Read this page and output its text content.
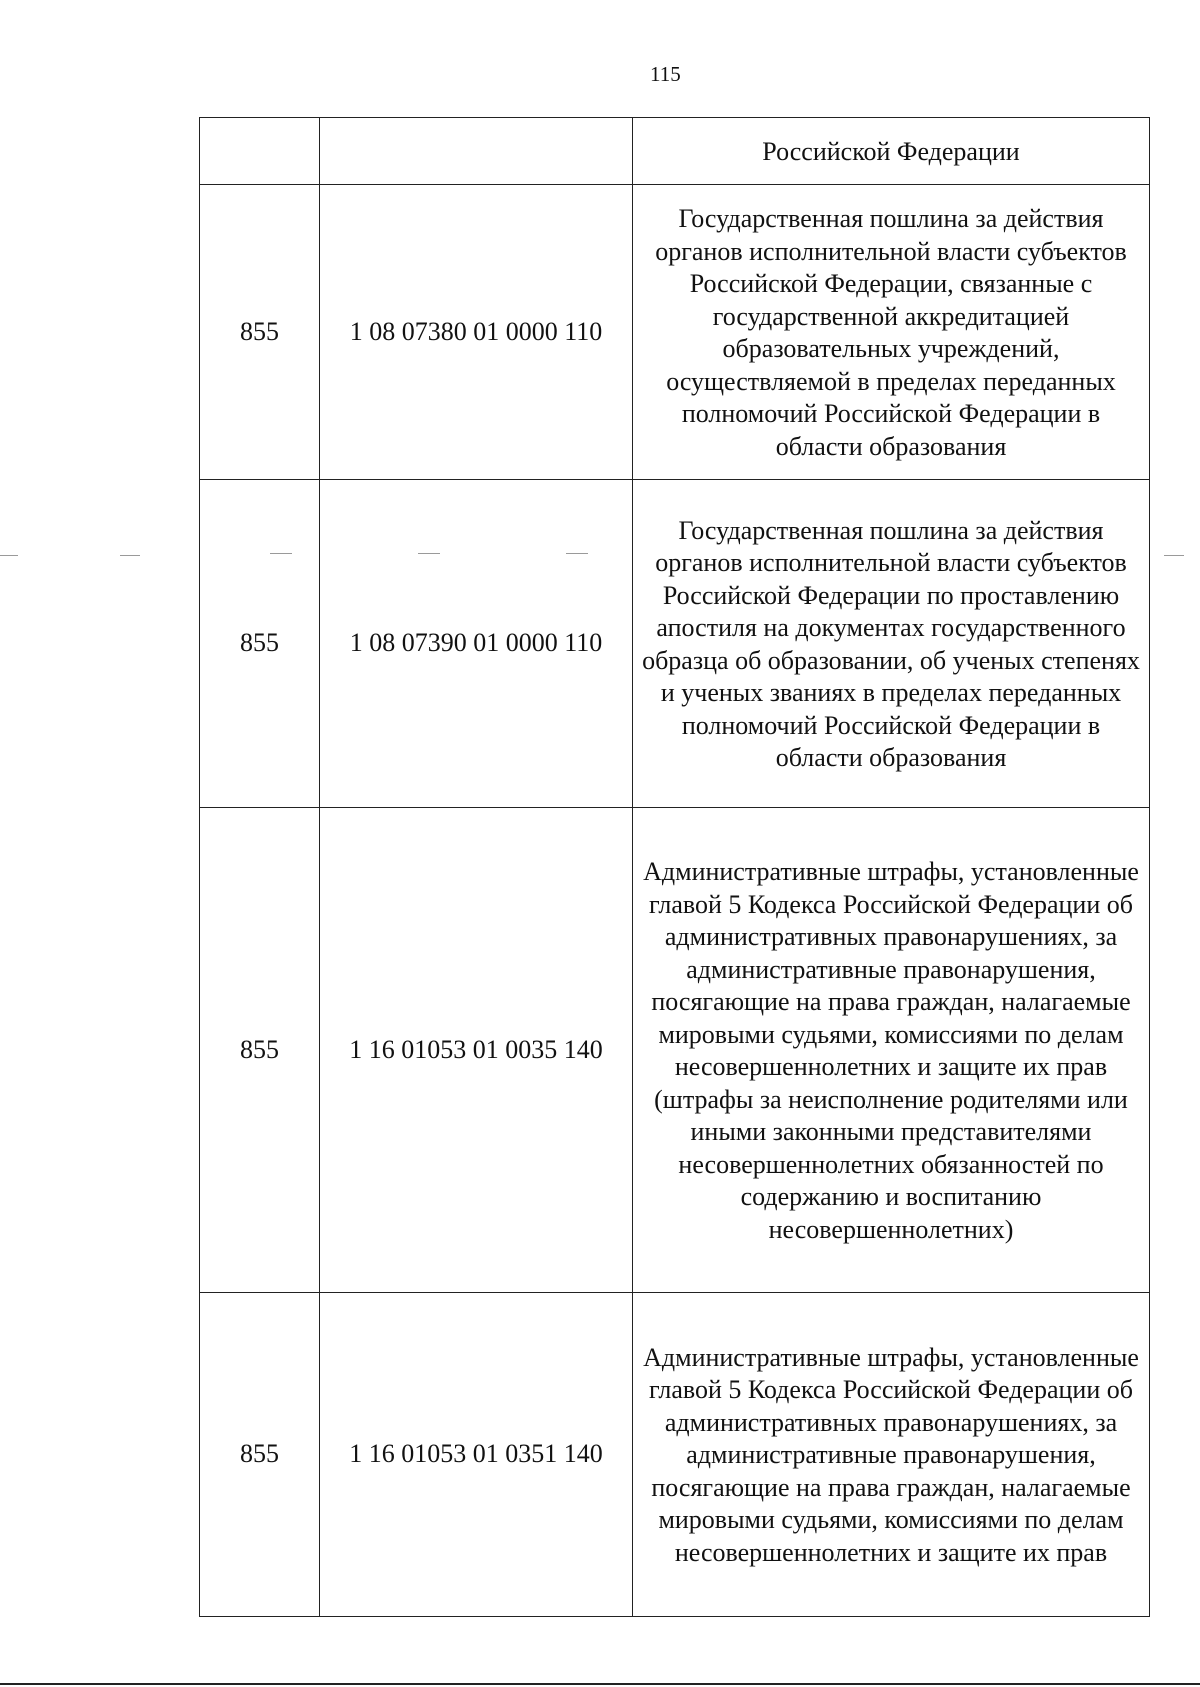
115
		Российской Федерации
855	1 08 07380 01 0000 110	Государственная пошлина за действия органов исполнительной власти субъектов Российской Федерации, связанные с государственной аккредитацией образовательных учреждений, осуществляемой в пределах переданных полномочий Российской Федерации в области образования
855	1 08 07390 01 0000 110	Государственная пошлина за действия органов исполнительной власти субъектов Российской Федерации по проставлению апостиля на документах государственного образца об образовании, об ученых степенях и ученых званиях в пределах переданных полномочий Российской Федерации в области образования
855	1 16 01053 01 0035 140	Административные штрафы, установленные главой 5 Кодекса Российской Федерации об административных правонарушениях, за административные правонарушения, посягающие на права граждан, налагаемые мировыми судьями, комиссиями по делам несовершеннолетних и защите их прав (штрафы за неисполнение родителями или иными законными представителями несовершеннолетних обязанностей по содержанию и воспитанию несовершеннолетних)
855	1 16 01053 01 0351 140	Административные штрафы, установленные главой 5 Кодекса Российской Федерации об административных правонарушениях, за административные правонарушения, посягающие на права граждан, налагаемые мировыми судьями, комиссиями по делам несовершеннолетних и защите их прав
